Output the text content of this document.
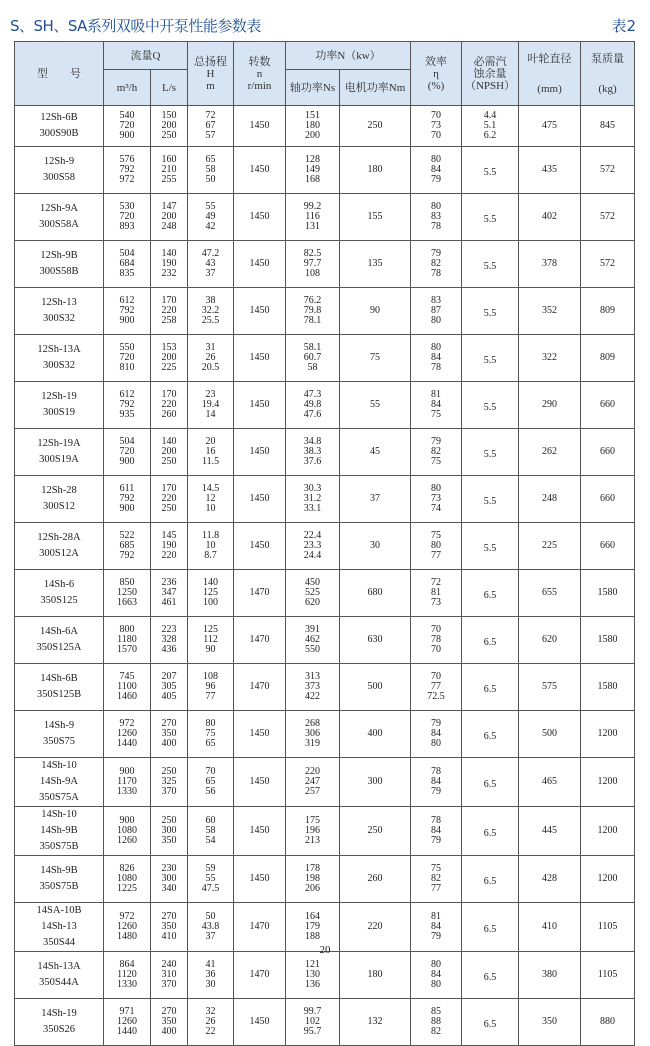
S、SH、SA系列双吸中开泵性能参数表	表2
型　　号	流量Q		总扬程
H
m	转数
n
r/min	功率N（kw）		效率
η
(%)	必需汽
蚀余量
（NPSH）	叶轮直径
(mm)	泵质量
(kg)

	m³/h	L/s			轴功率Ns	电机功率Nm				

12Sh-6B
300S90B	540
720
900	150
200
250	72
67
57	1450	151
180
200	250	70
73
70	4.4
5.1
6.2	475	845

12Sh-9
300S58	576
792
972	160
210
255	65
58
50	1450	128
149
168	180	80
84
79	5.5	435	572

12Sh-9A
300S58A	530
720
893	147
200
248	55
49
42	1450	99.2
116
131	155	80
83
78	5.5	402	572

12Sh-9B
300S58B	504
684
835	140
190
232	47.2
43
37	1450	82.5
97.7
108	135	79
82
78	5.5	378	572

12Sh-13
300S32	612
792
900	170
220
258	38
32.2
25.5	1450	76.2
79.8
78.1	90	83
87
80	5.5	352	809

12Sh-13A
300S32	550
720
810	153
200
225	31
26
20.5	1450	58.1
60.7
58	75	80
84
78	5.5	322	809

12Sh-19
300S19	612
792
935	170
220
260	23
19.4
14	1450	47.3
49.8
47.6	55	81
84
75	5.5	290	660

12Sh-19A
300S19A	504
720
900	140
200
250	20
16
11.5	1450	34.8
38.3
37.6	45	79
82
75	5.5	262	660

12Sh-28
300S12	611
792
900	170
220
250	14.5
12
10	1450	30.3
31.2
33.1	37	80
73
74	5.5	248	660

12Sh-28A
300S12A	522
685
792	145
190
220	11.8
10
8.7	1450	22.4
23.3
24.4	30	75
80
77	5.5	225	660

14Sh-6
350S125	850
1250
1663	236
347
461	140
125
100	1470	450
525
620	680	72
81
73	6.5	655	1580

14Sh-6A
350S125A	800
1180
1570	223
328
436	125
112
90	1470	391
462
550	630	70
78
70	6.5	620	1580

14Sh-6B
350S125B	745
1100
1460	207
305
405	108
96
77	1470	313
373
422	500	70
77
72.5	6.5	575	1580

14Sh-9
350S75	972
1260
1440	270
350
400	80
75
65	1450	268
306
319	400	79
84
80	6.5	500	1200

14Sh-10
14Sh-9A
350S75A	900
1170
1330	250
325
370	70
65
56	1450	220
247
257	300	78
84
79	6.5	465	1200

14Sh-10
14Sh-9B
350S75B	900
1080
1260	250
300
350	60
58
54	1450	175
196
213	250	78
84
79	6.5	445	1200

14Sh-9B
350S75B	826
1080
1225	230
300
340	59
55
47.5	1450	178
198
206	260	75
82
77	6.5	428	1200

14SA-10B
14Sh-13
350S44	972
1260
1480	270
350
410	50
43.8
37	1470	164
179
188	220	81
84
79	6.5	410	1105

14Sh-13A
350S44A	864
1120
1330	240
310
370	41
36
30	1470	121
130
136	180	80
84
80	6.5	380	1105

14Sh-19
350S26	971
1260
1440	270
350
400	32
26
22	1450	99.7
102
95.7	132	85
88
82	6.5	350	880
20
